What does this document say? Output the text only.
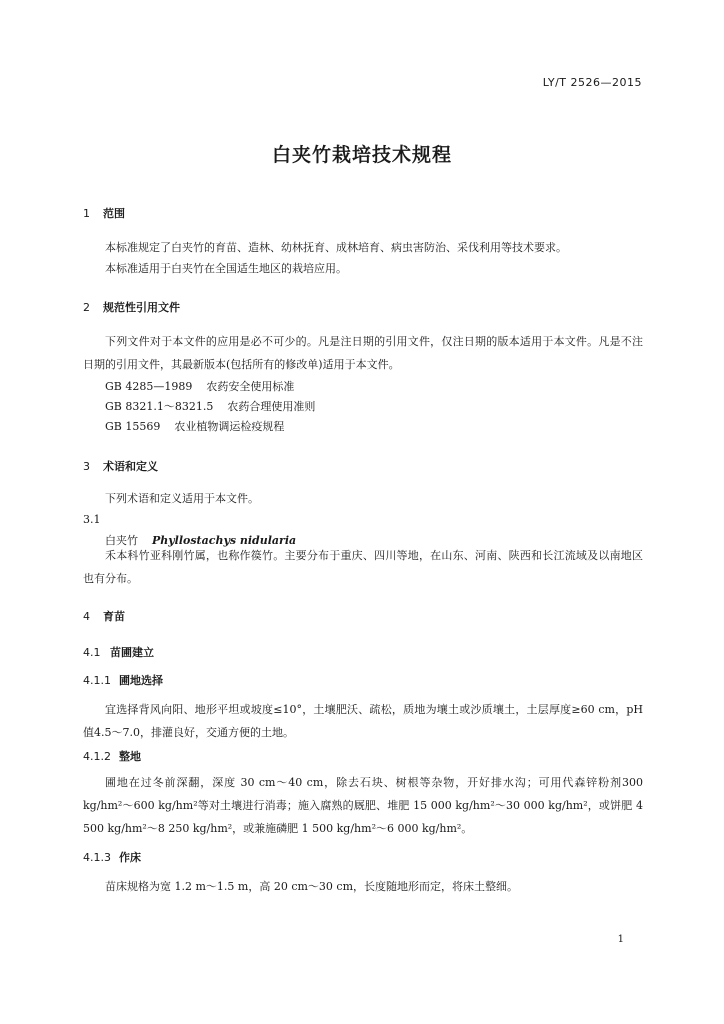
LY/T 2526—2015
白夹竹栽培技术规程
1 范围
本标准规定了白夹竹的育苗、造林、幼林抚育、成林培育、病虫害防治、采伐利用等技术要求。
本标准适用于白夹竹在全国适生地区的栽培应用。
2 规范性引用文件
下列文件对于本文件的应用是必不可少的。凡是注日期的引用文件，仅注日期的版本适用于本文件。凡是不注日期的引用文件，其最新版本(包括所有的修改单)适用于本文件。
GB 4285—1989 农药安全使用标准
GB 8321.1～8321.5 农药合理使用准则
GB 15569 农业植物调运检疫规程
3 术语和定义
下列术语和定义适用于本文件。
3.1
白夹竹 Phyllostachys nidularia
禾本科竹亚科刚竹属，也称作篌竹。主要分布于重庆、四川等地，在山东、河南、陕西和长江流域及以南地区也有分布。
4 育苗
4.1 苗圃建立
4.1.1 圃地选择
宜选择背风向阳、地形平坦或坡度≤10°，土壤肥沃、疏松，质地为壤土或沙质壤土，土层厚度≥60 cm，pH 值4.5～7.0，排灌良好，交通方便的土地。
4.1.2 整地
圃地在过冬前深翻，深度 30 cm～40 cm，除去石块、树根等杂物，开好排水沟；可用代森锌粉剂300 kg/hm²～600 kg/hm²等对土壤进行消毒；施入腐熟的厩肥、堆肥 15 000 kg/hm²～30 000 kg/hm²，或饼肥 4 500 kg/hm²～8 250 kg/hm²，或兼施磷肥 1 500 kg/hm²～6 000 kg/hm²。
4.1.3 作床
苗床规格为宽 1.2 m～1.5 m，高 20 cm～30 cm，长度随地形而定，将床土整细。
1
